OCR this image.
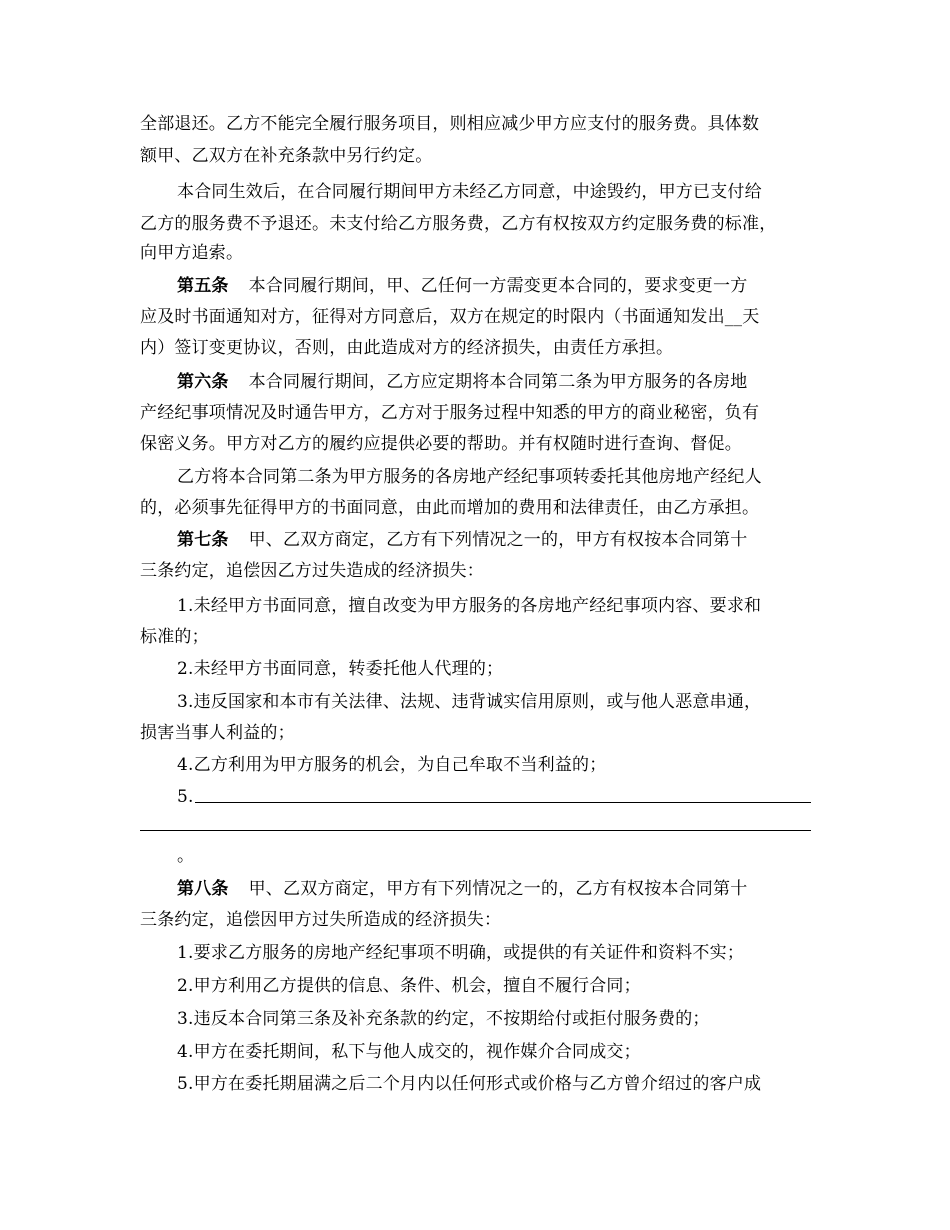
全部退还。乙方不能完全履行服务项目，则相应减少甲方应支付的服务费。具体数
额甲、乙双方在补充条款中另行约定。
本合同生效后，在合同履行期间甲方未经乙方同意，中途毁约，甲方已支付给
乙方的服务费不予退还。未支付给乙方服务费，乙方有权按双方约定服务费的标准，
向甲方追索。
第五条 本合同履行期间，甲、乙任何一方需变更本合同的，要求变更一方
应及时书面通知对方，征得对方同意后，双方在规定的时限内（书面通知发出__天
内）签订变更协议，否则，由此造成对方的经济损失，由责任方承担。
第六条 本合同履行期间，乙方应定期将本合同第二条为甲方服务的各房地
产经纪事项情况及时通告甲方，乙方对于服务过程中知悉的甲方的商业秘密，负有
保密义务。甲方对乙方的履约应提供必要的帮助。并有权随时进行查询、督促。
乙方将本合同第二条为甲方服务的各房地产经纪事项转委托其他房地产经纪人
的，必须事先征得甲方的书面同意，由此而增加的费用和法律责任，由乙方承担。
第七条 甲、乙双方商定，乙方有下列情况之一的，甲方有权按本合同第十
三条约定，追偿因乙方过失造成的经济损失：
1.未经甲方书面同意，擅自改变为甲方服务的各房地产经纪事项内容、要求和
标准的；
2.未经甲方书面同意，转委托他人代理的；
3.违反国家和本市有关法律、法规、违背诚实信用原则，或与他人恶意串通，
损害当事人利益的；
4.乙方利用为甲方服务的机会，为自己牟取不当利益的；
5.
。
第八条 甲、乙双方商定，甲方有下列情况之一的，乙方有权按本合同第十
三条约定，追偿因甲方过失所造成的经济损失：
1.要求乙方服务的房地产经纪事项不明确，或提供的有关证件和资料不实；
2.甲方利用乙方提供的信息、条件、机会，擅自不履行合同；
3.违反本合同第三条及补充条款的约定，不按期给付或拒付服务费的；
4.甲方在委托期间，私下与他人成交的，视作媒介合同成交；
5.甲方在委托期届满之后二个月内以任何形式或价格与乙方曾介绍过的客户成
